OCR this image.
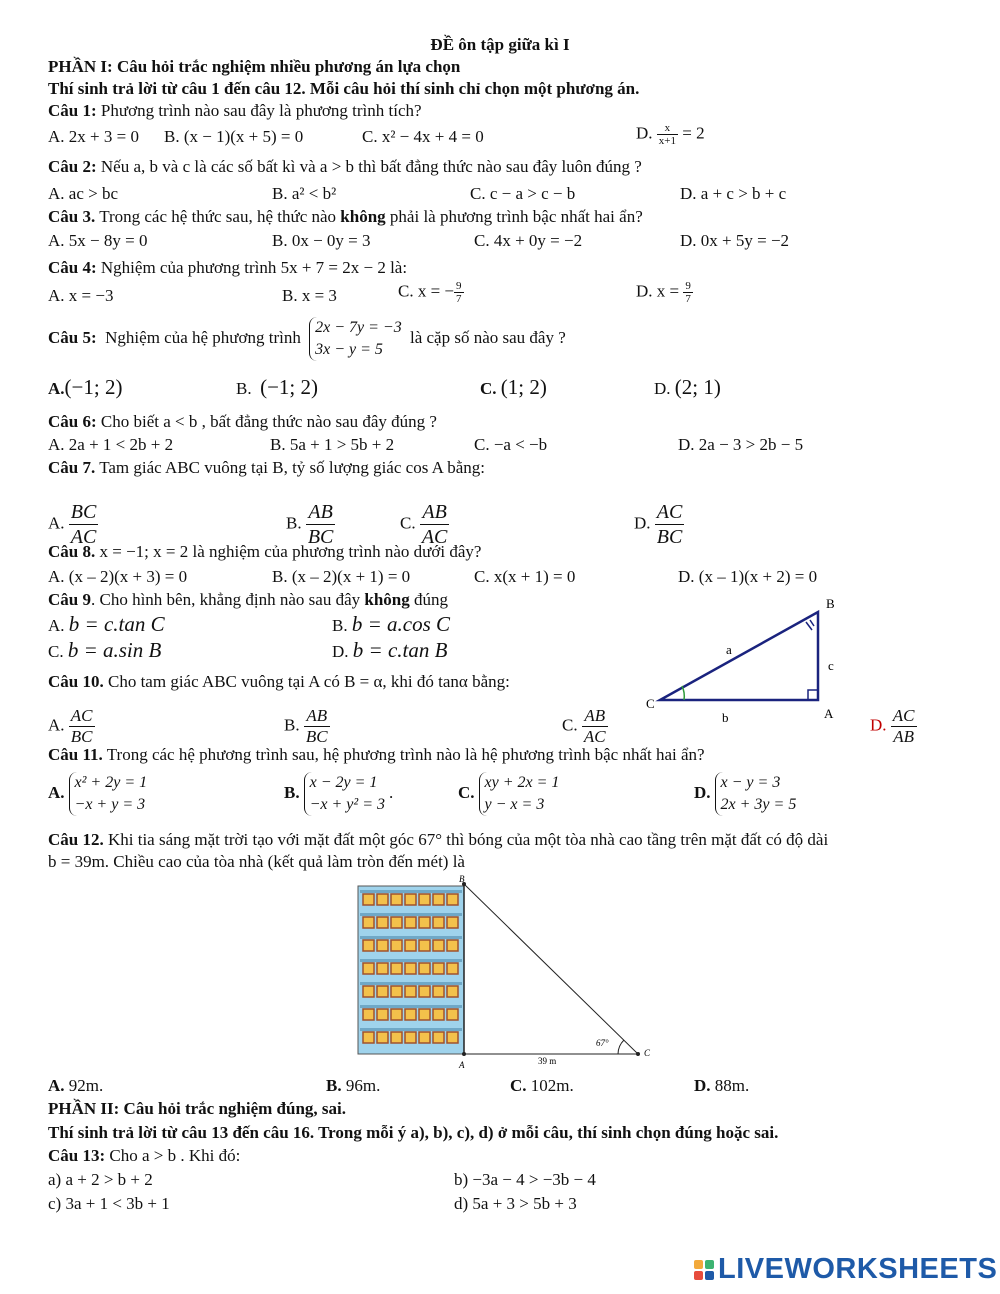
ĐỀ ôn tập giữa kì I
PHẦN I: Câu hỏi trắc nghiệm nhiều phương án lựa chọn
Thí sinh trả lời từ câu 1 đến câu 12. Mỗi câu hỏi thí sinh chỉ chọn một phương án.
Câu 1: Phương trình nào sau đây là phương trình tích?
A. 2x + 3 = 0 B. (x − 1)(x + 5) = 0	C. x² − 4x + 4 = 0	D. $\frac{x}{x+1} = 2$
Câu 2: Nếu a, b và c là các số bất kì và a > b thì bất đẳng thức nào sau đây luôn đúng ?
A. ac > bc	B. a² < b²	C. c − a > c − b	D. a + c > b + c
Câu 3. Trong các hệ thức sau, hệ thức nào không phải là phương trình bậc nhất hai ẩn?
A. 5x − 8y = 0	B. 0x − 0y = 3	C. 4x + 0y = −2	D. 0x + 5y = −2
Câu 4: Nghiệm của phương trình 5x + 7 = 2x − 2 là:
A. x = −3	B. x = 3	C. x = − $\frac{9}{7}$	D. $x = \frac{9}{7}$
Câu 5: Nghiệm của hệ phương trình
2x − 7y = −3
3x − y = 5
là cặp số nào sau đây ?
A.(−1; 2)	B. (−1; 2)	C. (1; 2)	D. (2; 1)
Câu 6: Cho biết a < b , bất đẳng thức nào sau đây đúng ?
A. 2a + 1 < 2b + 2	B. 5a + 1 > 5b + 2	C. −a < −b	D. 2a − 3 > 2b − 5
Câu 7. Tam giác ABC vuông tại B, tỷ số lượng giác cos A bằng:
A. $\frac{BC}{AC}$	B. $\frac{AB}{BC}$	C. $\frac{AB}{AC}$	D. $\frac{AC}{BC}$
Câu 8. x = −1; x = 2 là nghiệm của phương trình nào dưới đây?
A. (x – 2)(x + 3) = 0	B. (x – 2)(x + 1) = 0	C. x(x + 1) = 0	D. (x – 1)(x + 2) = 0
Câu 9. Cho hình bên, khẳng định nào sau đây không đúng
A. b = c.tan C	B. b = a.cos C
C. b = a.sin B	D. b = c.tan B
B
A
C
a
b
c
Câu 10. Cho tam giác ABC vuông tại A có B = α, khi đó tanα bằng:
A. $\frac{AC}{BC}$	B. $\frac{AB}{BC}$	C. $\frac{AB}{AC}$	D. $\frac{AC}{AB}$
Câu 11. Trong các hệ phương trình sau, hệ phương trình nào là hệ phương trình bậc nhất hai ẩn?
A.
x² + 2y = 1
−x + y = 3
B.
x − 2y = 1
−x + y² = 3
.	C.
xy + 2x = 1
y − x = 3
D.
x − y = 3
2x + 3y = 5
Câu 12. Khi tia sáng mặt trời tạo với mặt đất một góc 67° thì bóng của một tòa nhà cao tầng trên mặt đất có độ dài
b = 39m. Chiều cao của tòa nhà (kết quả làm tròn đến mét) là
B
A
C
67°
39 m
A. 92m.	B. 96m.	C. 102m.	D. 88m.
PHẦN II: Câu hỏi trắc nghiệm đúng, sai.
Thí sinh trả lời từ câu 13 đến câu 16. Trong mỗi ý a), b), c), d) ở mỗi câu, thí sinh chọn đúng hoặc sai.
Câu 13: Cho a > b . Khi đó:
a) a + 2 > b + 2	b) −3a − 4 > −3b − 4
c) 3a + 1 < 3b + 1	d) 5a + 3 > 5b + 3
LIVEWORKSHEETS
